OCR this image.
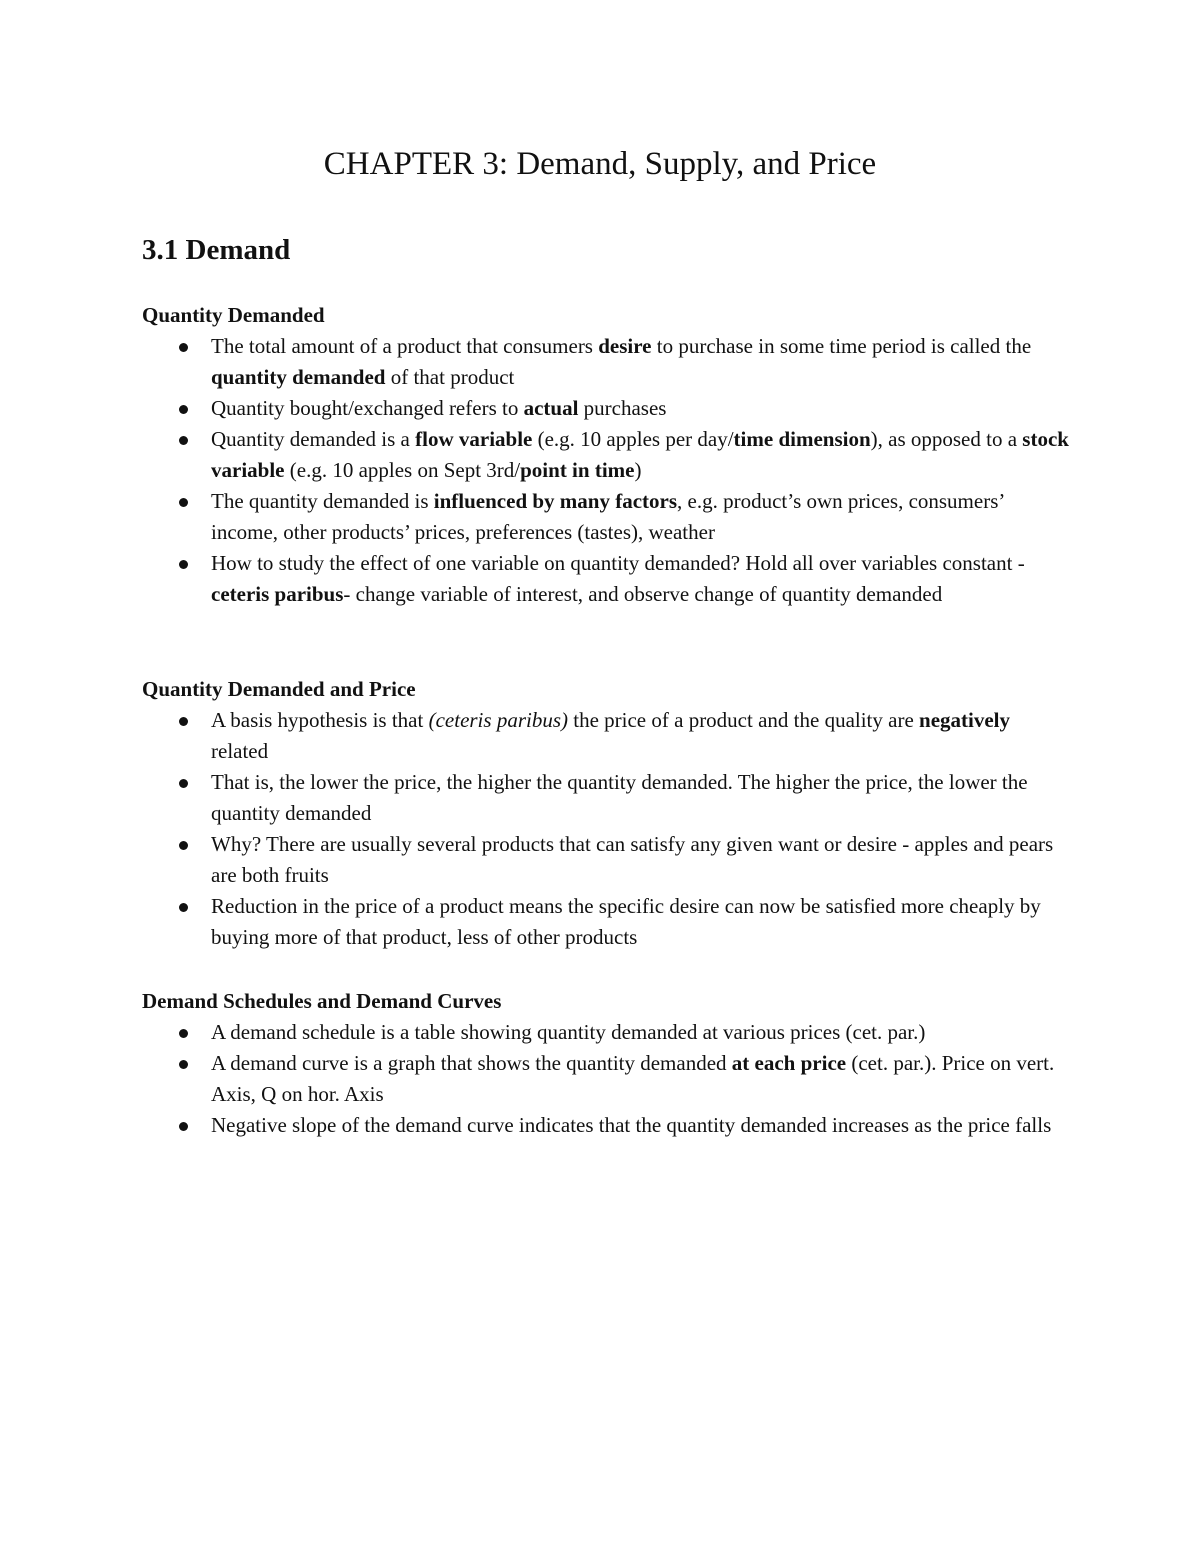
CHAPTER 3: Demand, Supply, and Price
3.1 Demand
Quantity Demanded
The total amount of a product that consumers desire to purchase in some time period is called the quantity demanded of that product
Quantity bought/exchanged refers to actual purchases
Quantity demanded is a flow variable (e.g. 10 apples per day/time dimension), as opposed to a stock variable (e.g. 10 apples on Sept 3rd/point in time)
The quantity demanded is influenced by many factors, e.g. product’s own prices, consumers’ income, other products’ prices, preferences (tastes), weather
How to study the effect of one variable on quantity demanded? Hold all over variables constant - ceteris paribus- change variable of interest, and observe change of quantity demanded
Quantity Demanded and Price
A basis hypothesis is that (ceteris paribus) the price of a product and the quality are negatively related
That is, the lower the price, the higher the quantity demanded. The higher the price, the lower the quantity demanded
Why? There are usually several products that can satisfy any given want or desire - apples and pears are both fruits
Reduction in the price of a product means the specific desire can now be satisfied more cheaply by buying more of that product, less of other products
Demand Schedules and Demand Curves
A demand schedule is a table showing quantity demanded at various prices (cet. par.)
A demand curve is a graph that shows the quantity demanded at each price (cet. par.). Price on vert. Axis, Q on hor. Axis
Negative slope of the demand curve indicates that the quantity demanded increases as the price falls
